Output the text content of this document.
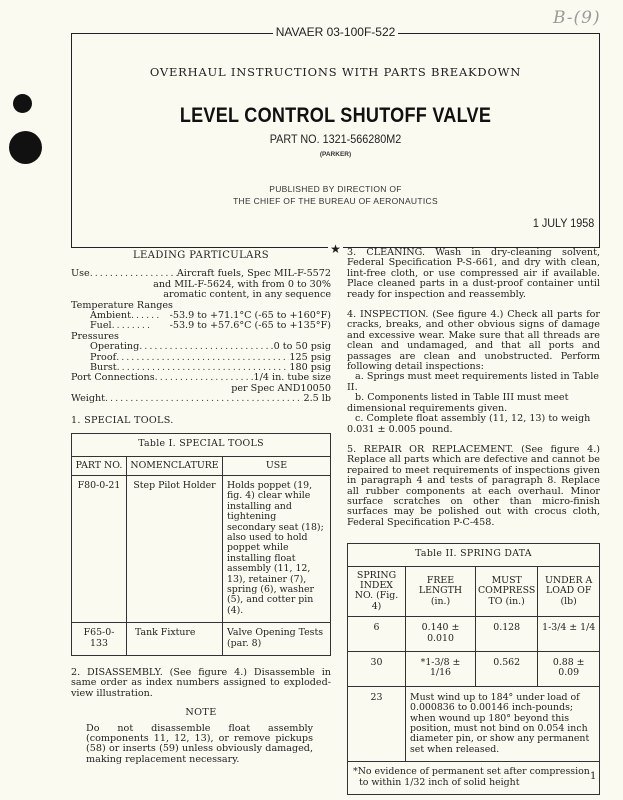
B-(9)
NAVAER 03-100F-522
OVERHAUL INSTRUCTIONS WITH PARTS BREAKDOWN
LEVEL CONTROL SHUTOFF VALVE
PART NO. 1321-566280M2
(PARKER)
PUBLISHED BY DIRECTION OF
THE CHIEF OF THE BUREAU OF AERONAUTICS
1 JULY 1958
★
LEADING PARTICULARS
Use .....	Aircraft fuels, Spec MIL-F-5572
and MIL-F-5624, with from 0 to 30%
aromatic content, in any sequence
Temperature Ranges
Ambient .....	-53.9 to +71.1°C (-65 to +160°F)
Fuel .....	-53.9 to +57.6°C (-65 to +135°F)
Pressures
Operating .....	0 to 50 psig
Proof .....	125 psig
Burst .....	180 psig
Port Connections .....	1/4 in. tube size
per Spec AND10050
Weight .....	2.5 lb
1. SPECIAL TOOLS.
Table I. SPECIAL TOOLS		
PART NO.	NOMENCLATURE	USE
F80-0-21	Step Pilot Holder	Holds poppet (19, fig. 4) clear while installing and tightening secondary seat (18); also used to hold poppet while installing float assembly (11, 12, 13), retainer (7), spring (6), washer (5), and cotter pin (4).
F65-0-133	Tank Fixture	Valve Opening Tests (par. 8)
2. DISASSEMBLY. (See figure 4.) Disassemble in same order as index numbers assigned to exploded-view illustration.
NOTE
Do not disassemble float assembly (components 11, 12, 13), or remove pickups (58) or inserts (59) unless obviously damaged, making replacement necessary.
3. CLEANING. Wash in dry-cleaning solvent, Federal Specification P-S-661, and dry with clean, lint-free cloth, or use compressed air if available. Place cleaned parts in a dust-proof container until ready for inspection and reassembly.
4. INSPECTION. (See figure 4.) Check all parts for cracks, breaks, and other obvious signs of damage and excessive wear. Make sure that all threads are clean and undamaged, and that all ports and passages are clean and unobstructed. Perform following detail inspections:
a. Springs must meet requirements listed in Table II.
b. Components listed in Table III must meet dimensional requirements given.
c. Complete float assembly (11, 12, 13) to weigh 0.031 ± 0.005 pound.
5. REPAIR OR REPLACEMENT. (See figure 4.) Replace all parts which are defective and cannot be repaired to meet requirements of inspections given in paragraph 4 and tests of paragraph 8. Replace all rubber components at each overhaul. Minor surface scratches on other than micro-finish surfaces may be polished out with crocus cloth, Federal Specification P-C-458.
Table II. SPRING DATA			
SPRING INDEX NO. (Fig. 4)	FREE LENGTH (in.)	MUST COMPRESS TO (in.)	UNDER A LOAD OF (lb)
6	0.140 ± 0.010	0.128	1-3/4 ± 1/4
30	*1-3/8 ± 1/16	0.562	0.88 ± 0.09
23	Must wind up to 184° under load of 0.000836 to 0.00146 inch-pounds; when wound up 180° beyond this position, must not bind on 0.054 inch diameter pin, or show any permanent set when released.		

*No evidence of permanent set after compression to within 1/32 inch of solid height			
1
